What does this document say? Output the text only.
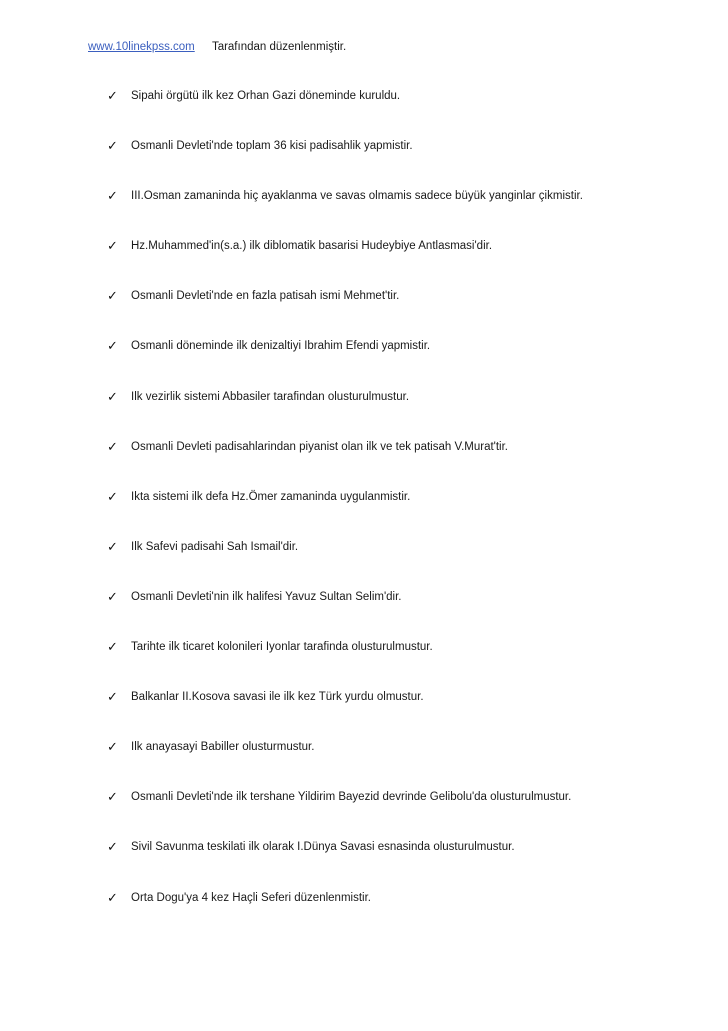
www.10linekpss.com Tarafından düzenlenmiştir.
✓	Sipahi örgütü ilk kez Orhan Gazi döneminde kuruldu.
✓	Osmanli Devleti'nde toplam 36 kisi padisahlik yapmistir.
✓	III.Osman zamaninda hiç ayaklanma ve savas olmamis sadece büyük yanginlar çikmistir.
✓	Hz.Muhammed'in(s.a.) ilk diblomatik basarisi Hudeybiye Antlasmasi'dir.
✓	Osmanli Devleti'nde en fazla patisah ismi Mehmet'tir.
✓	Osmanli döneminde ilk denizaltiyi Ibrahim Efendi yapmistir.
✓	Ilk vezirlik sistemi Abbasiler tarafindan olusturulmustur.
✓	Osmanli Devleti padisahlarindan piyanist olan ilk ve tek patisah V.Murat'tir.
✓	Ikta sistemi ilk defa Hz.Ömer zamaninda uygulanmistir.
✓	Ilk Safevi padisahi Sah Ismail'dir.
✓	Osmanli Devleti'nin ilk halifesi Yavuz Sultan Selim'dir.
✓	Tarihte ilk ticaret kolonileri Iyonlar tarafinda olusturulmustur.
✓	Balkanlar II.Kosova savasi ile ilk kez Türk yurdu olmustur.
✓	Ilk anayasayi Babiller olusturmustur.
✓	Osmanli Devleti'nde ilk tershane Yildirim Bayezid devrinde Gelibolu'da olusturulmustur.
✓	Sivil Savunma teskilati ilk olarak I.Dünya Savasi esnasinda olusturulmustur.
✓	Orta Dogu'ya 4 kez Haçli Seferi düzenlenmistir.
